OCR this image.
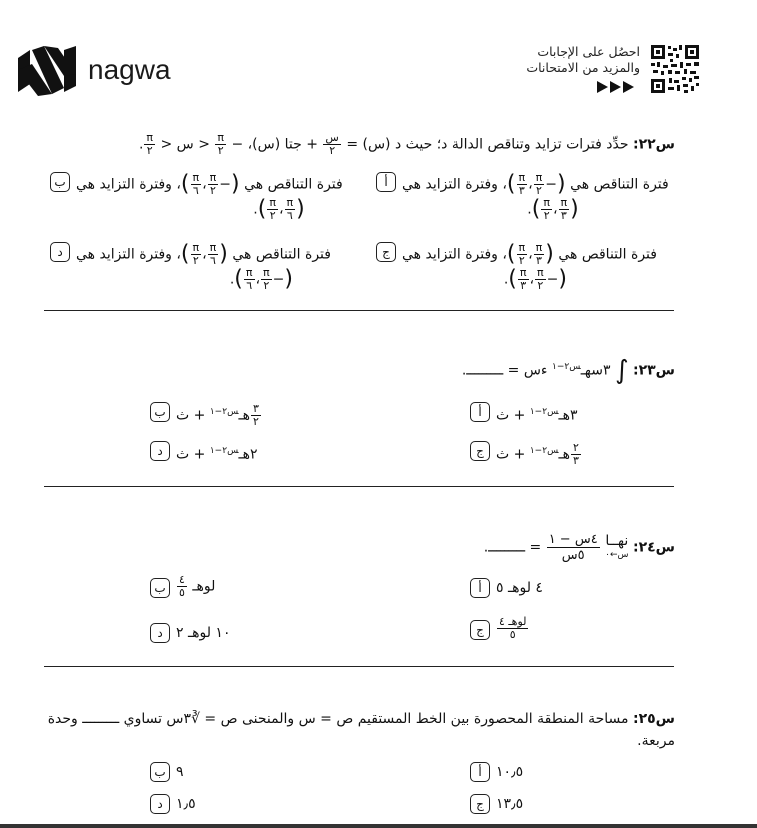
nagwa
احصُل على الإجابات
والمزيد من الامتحانات
س٢٢: حدِّد فترات تزايد وتناقص الدالة د؛ حيث د (س) =
$\frac{\text{س}}{٢}$
+ جتا (س)، −
$\frac{\pi}{٢}$
< س <
$\frac{\pi}{٢}$
.
أ	فترة التناقص هي (−
$\frac{\pi}{٢}$
،
$\frac{\pi}{٣}$
)، وفترة التزايد هي
(
$\frac{\pi}{٣}$
،
$\frac{\pi}{٢}$
).
ب	فترة التناقص هي (−
$\frac{\pi}{٢}$
،
$\frac{\pi}{٦}$
)، وفترة التزايد هي
(
$\frac{\pi}{٦}$
،
$\frac{\pi}{٢}$
).
ج	فترة التناقص هي (
$\frac{\pi}{٣}$
،
$\frac{\pi}{٢}$
)، وفترة التزايد هي
(−
$\frac{\pi}{٢}$
،
$\frac{\pi}{٣}$
).
د	فترة التناقص هي (
$\frac{\pi}{٦}$
،
$\frac{\pi}{٢}$
)، وفترة التزايد هي
(−
$\frac{\pi}{٢}$
،
$\frac{\pi}{٦}$
).
س٢٣: ∫ ٣سهـ$^{س٢-١}$ ءس = ـــــــــ.
أ	٣هـ$^{س٢-١}$ + ث
ب	$\frac{٣}{٢}$
هـ$^{س٢-١}$ + ث
ج	$\frac{٢}{٣}$
هـ$^{س٢-١}$ + ث
د	٢هـ$^{س٢-١}$ + ث
س٢٤:
نهــا
س←٠

$\frac{\text{٤س − ١}}{\text{٥س}}$
= ـــــــــ.
أ	٤ لوهـ ٥
ب	لوهـ
$\frac{٤}{٥}$
ج	$\frac{\text{لوهـ ٤}}{٥}$
د ١٠ لوهـ ٢
س٢٥: مساحة المنطقة المحصورة بين الخط المستقيم ص = س والمنحنى ص = ∛٣س تساوي ـــــــــ وحدة
مربعة.
أ	١٠٫٥
ب ٩
ج ١٣٫٥
د ١٫٥
